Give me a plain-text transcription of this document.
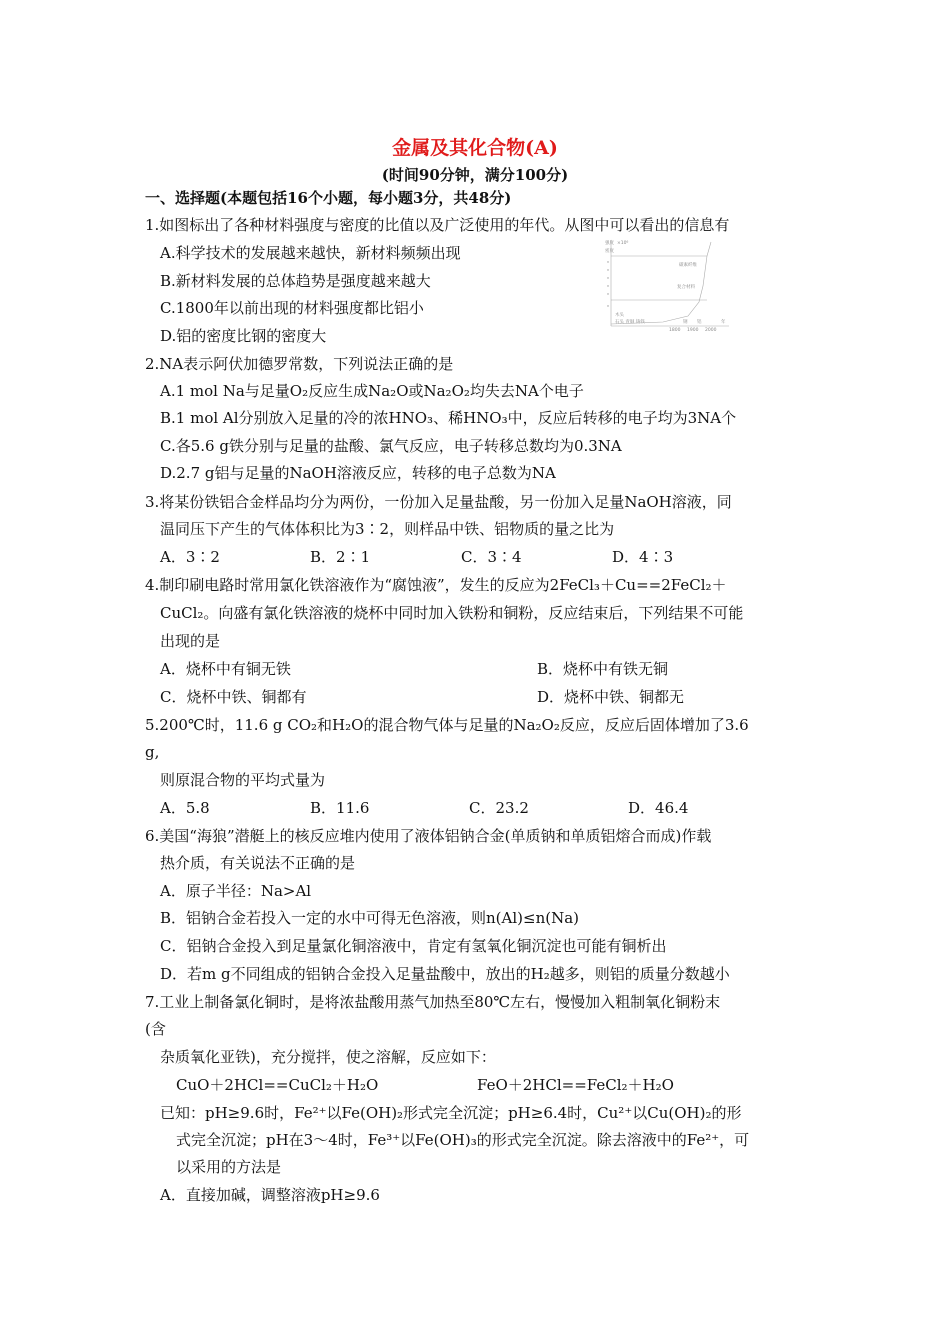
金属及其化合物(A)
(时间90分钟，满分100分)
一、选择题(本题包括16个小题，每小题3分，共48分)
1.如图标出了各种材料强度与密度的比值以及广泛使用的年代。从图中可以看出的信息有
A.科学技术的发展越来越快，新材料频频出现
B.新材料发展的总体趋势是强度越来越大
C.1800年以前出现的材料强度都比铝小
D.铝的密度比钢的密度大
强度
密度
×10⁶
碳素纤维
复合材料
木头
石头 青铜 铸铁	钢 铝
1800 1900 2000
年
2.NA表示阿伏加德罗常数，下列说法正确的是
A.1 mol Na与足量O₂反应生成Na₂O或Na₂O₂均失去NA个电子
B.1 mol Al分别放入足量的冷的浓HNO₃、稀HNO₃中，反应后转移的电子均为3NA个
C.各5.6 g铁分别与足量的盐酸、氯气反应，电子转移总数均为0.3NA
D.2.7 g铝与足量的NaOH溶液反应，转移的电子总数为NA
3.将某份铁铝合金样品均分为两份，一份加入足量盐酸，另一份加入足量NaOH溶液，同
温同压下产生的气体体积比为3∶2，则样品中铁、铝物质的量之比为
A．3∶2	B．2∶1	C．3∶4	D．4∶3
4.制印刷电路时常用氯化铁溶液作为“腐蚀液”，发生的反应为2FeCl₃＋Cu==2FeCl₂＋
CuCl₂。向盛有氯化铁溶液的烧杯中同时加入铁粉和铜粉，反应结束后，下列结果不可能
出现的是
A．烧杯中有铜无铁	B．烧杯中有铁无铜
C．烧杯中铁、铜都有	D．烧杯中铁、铜都无
5.200℃时，11.6 g CO₂和H₂O的混合物气体与足量的Na₂O₂反应，反应后固体增加了3.6
g,
则原混合物的平均式量为
A．5.8	B．11.6	C．23.2	D．46.4
6.美国“海狼”潜艇上的核反应堆内使用了液体铝钠合金(单质钠和单质铝熔合而成)作载
热介质，有关说法不正确的是
A．原子半径：Na>Al
B．铝钠合金若投入一定的水中可得无色溶液，则n(Al)≤n(Na)
C．铝钠合金投入到足量氯化铜溶液中，肯定有氢氧化铜沉淀也可能有铜析出
D．若m g不同组成的铝钠合金投入足量盐酸中，放出的H₂越多，则铝的质量分数越小
7.工业上制备氯化铜时，是将浓盐酸用蒸气加热至80℃左右，慢慢加入粗制氧化铜粉末
(含
杂质氧化亚铁)，充分搅拌，使之溶解，反应如下：
CuO＋2HCl==CuCl₂＋H₂O	FeO＋2HCl==FeCl₂＋H₂O
已知：pH≥9.6时，Fe²⁺以Fe(OH)₂形式完全沉淀；pH≥6.4时，Cu²⁺以Cu(OH)₂的形
式完全沉淀；pH在3～4时，Fe³⁺以Fe(OH)₃的形式完全沉淀。除去溶液中的Fe²⁺，可
以采用的方法是
A．直接加碱，调整溶液pH≥9.6
